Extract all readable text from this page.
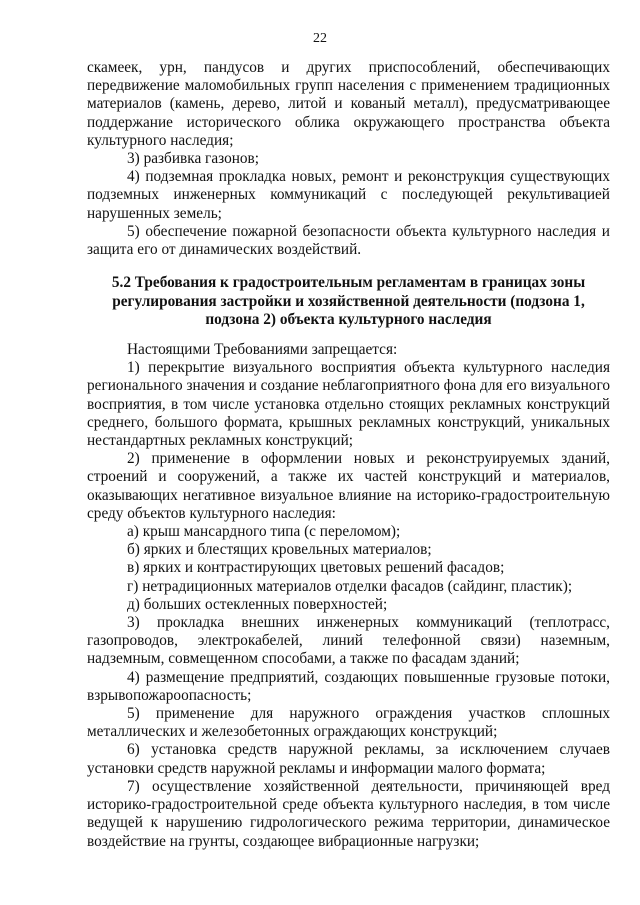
22

скамеек, урн, пандусов и других приспособлений, обеспечивающих передвижение маломобильных групп населения с применением традиционных материалов (камень, дерево, литой и кованый металл), предусматривающее поддержание исторического облика окружающего пространства объекта культурного наследия;

3) разбивка газонов;

4) подземная прокладка новых, ремонт и реконструкция существующих подземных инженерных коммуникаций с последующей рекультивацией нарушенных земель;

5) обеспечение пожарной безопасности объекта культурного наследия и защита его от динамических воздействий.

5.2 Требования к градостроительным регламентам в границах зоны регулирования застройки и хозяйственной деятельности (подзона 1, подзона 2) объекта культурного наследия

Настоящими Требованиями запрещается:

1) перекрытие визуального восприятия объекта культурного наследия регионального значения и создание неблагоприятного фона для его визуального восприятия, в том числе установка отдельно стоящих рекламных конструкций среднего, большого формата, крышных рекламных конструкций, уникальных нестандартных рекламных конструкций;

2) применение в оформлении новых и реконструируемых зданий, строений и сооружений, а также их частей конструкций и материалов, оказывающих негативное визуальное влияние на историко-градостроительную среду объектов культурного наследия:

а) крыш мансардного типа (с переломом);

б) ярких и блестящих кровельных материалов;

в) ярких и контрастирующих цветовых решений фасадов;

г) нетрадиционных материалов отделки фасадов (сайдинг, пластик);

д) больших остекленных поверхностей;

3) прокладка внешних инженерных коммуникаций (теплотрасс, газопроводов, электрокабелей, линий телефонной связи) наземным, надземным, совмещенном способами, а также по фасадам зданий;

4) размещение предприятий, создающих повышенные грузовые потоки, взрывопожароопасность;

5) применение для наружного ограждения участков сплошных металлических и железобетонных ограждающих конструкций;

6) установка средств наружной рекламы, за исключением случаев установки средств наружной рекламы и информации малого формата;

7) осуществление хозяйственной деятельности, причиняющей вред историко-градостроительной среде объекта культурного наследия, в том числе ведущей к нарушению гидрологического режима территории, динамическое воздействие на грунты, создающее вибрационные нагрузки;
